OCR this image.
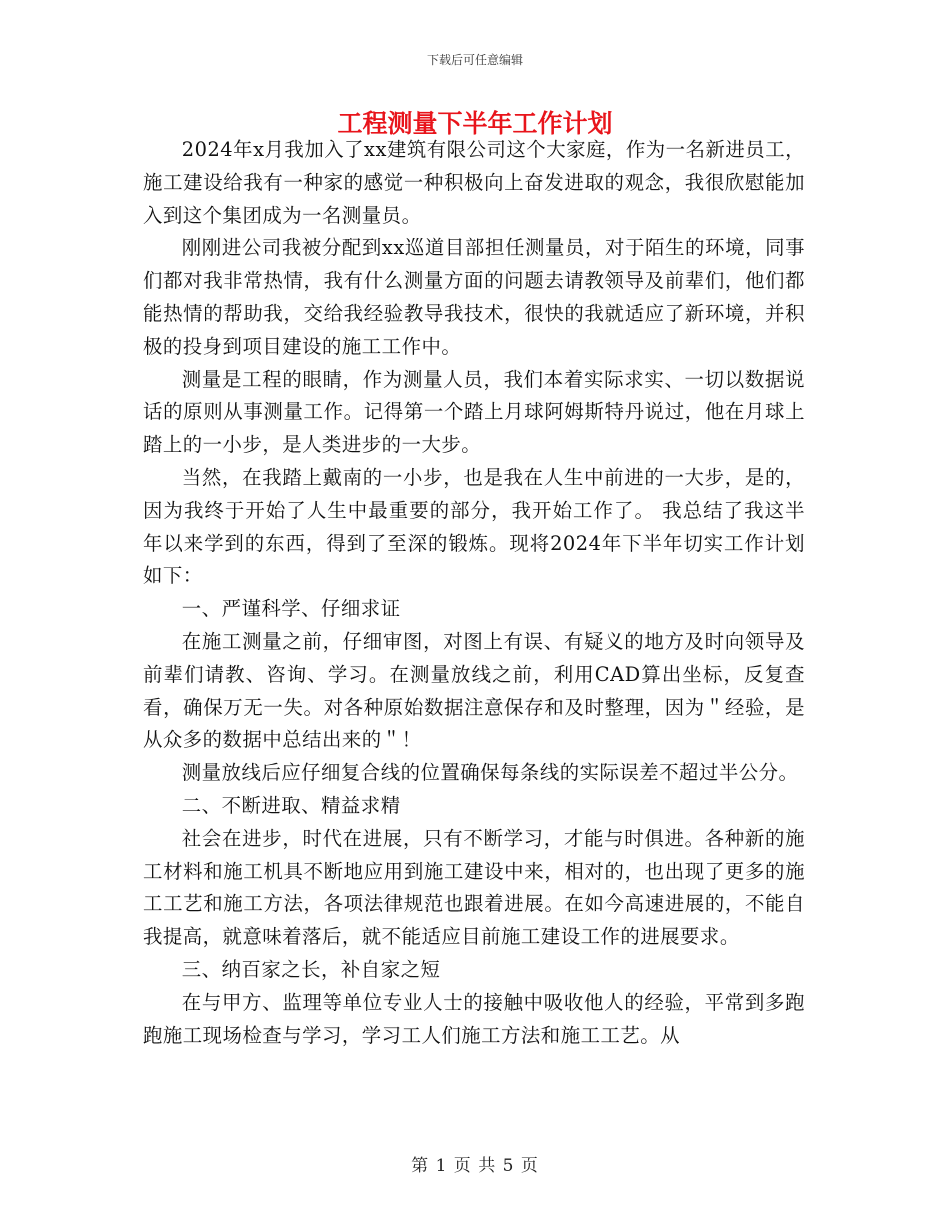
下载后可任意编辑
工程测量下半年工作计划

2024年x月我加入了xx建筑有限公司这个大家庭，作为一名新进员工，施工建设给我有一种家的感觉一种积极向上奋发进取的观念，我很欣慰能加入到这个集团成为一名测量员。

刚刚进公司我被分配到xx巡道目部担任测量员，对于陌生的环境，同事们都对我非常热情，我有什么测量方面的问题去请教领导及前辈们，他们都能热情的帮助我，交给我经验教导我技术，很快的我就适应了新环境，并积极的投身到项目建设的施工工作中。

测量是工程的眼睛，作为测量人员，我们本着实际求实、一切以数据说话的原则从事测量工作。记得第一个踏上月球阿姆斯特丹说过，他在月球上踏上的一小步，是人类进步的一大步。

当然，在我踏上戴南的一小步，也是我在人生中前进的一大步，是的，因为我终于开始了人生中最重要的部分，我开始工作了。 我总结了我这半年以来学到的东西，得到了至深的锻炼。现将2024年下半年切实工作计划如下：

一、严谨科学、仔细求证

在施工测量之前，仔细审图，对图上有误、有疑义的地方及时向领导及前辈们请教、咨询、学习。在测量放线之前，利用CAD算出坐标，反复查看，确保万无一失。对各种原始数据注意保存和及时整理，因为＂经验，是从众多的数据中总结出来的＂！

测量放线后应仔细复合线的位置确保每条线的实际误差不超过半公分。

二、不断进取、精益求精

社会在进步，时代在进展，只有不断学习，才能与时俱进。各种新的施工材料和施工机具不断地应用到施工建设中来，相对的，也出现了更多的施工工艺和施工方法，各项法律规范也跟着进展。在如今高速进展的，不能自我提高，就意味着落后，就不能适应目前施工建设工作的进展要求。

三、纳百家之长，补自家之短

在与甲方、监理等单位专业人士的接触中吸收他人的经验，平常到多跑跑施工现场检查与学习，学习工人们施工方法和施工工艺。从

第 1 页 共 5 页
